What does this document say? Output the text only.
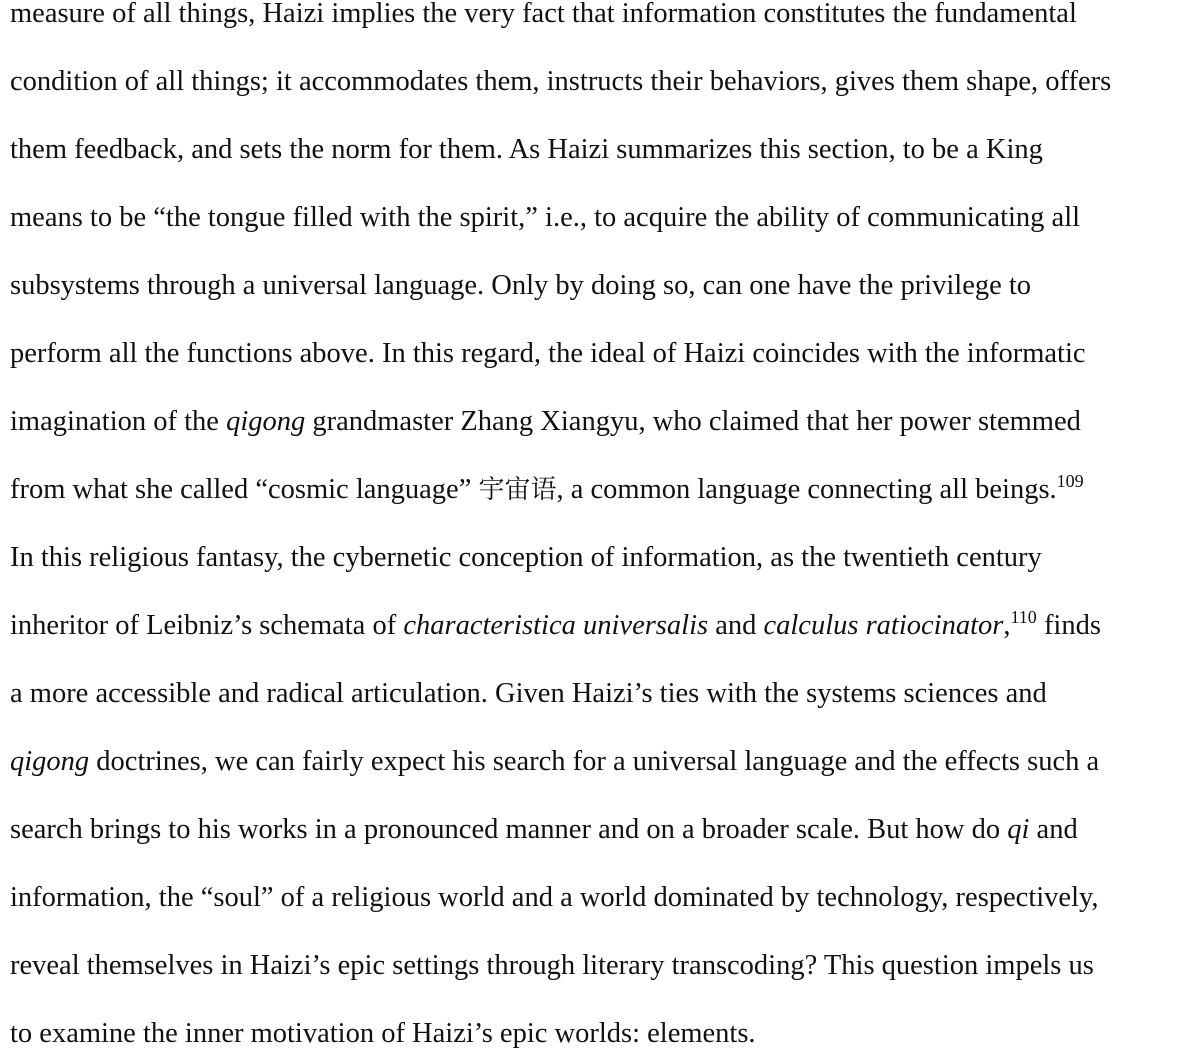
measure of all things, Haizi implies the very fact that information constitutes the fundamental
condition of all things; it accommodates them, instructs their behaviors, gives them shape, offers
them feedback, and sets the norm for them. As Haizi summarizes this section, to be a King
means to be “the tongue filled with the spirit,” i.e., to acquire the ability of communicating all
subsystems through a universal language. Only by doing so, can one have the privilege to
perform all the functions above. In this regard, the ideal of Haizi coincides with the informatic
imagination of the qigong grandmaster Zhang Xiangyu, who claimed that her power stemmed
from what she called “cosmic language” 宇宙语, a common language connecting all beings.$^{109}$
In this religious fantasy, the cybernetic conception of information, as the twentieth century
inheritor of Leibniz’s schemata of characteristica universalis and calculus ratiocinator,$^{110}$ finds
a more accessible and radical articulation. Given Haizi’s ties with the systems sciences and
qigong doctrines, we can fairly expect his search for a universal language and the effects such a
search brings to his works in a pronounced manner and on a broader scale. But how do qi and
information, the “soul” of a religious world and a world dominated by technology, respectively,
reveal themselves in Haizi’s epic settings through literary transcoding? This question impels us
to examine the inner motivation of Haizi’s epic worlds: elements.
